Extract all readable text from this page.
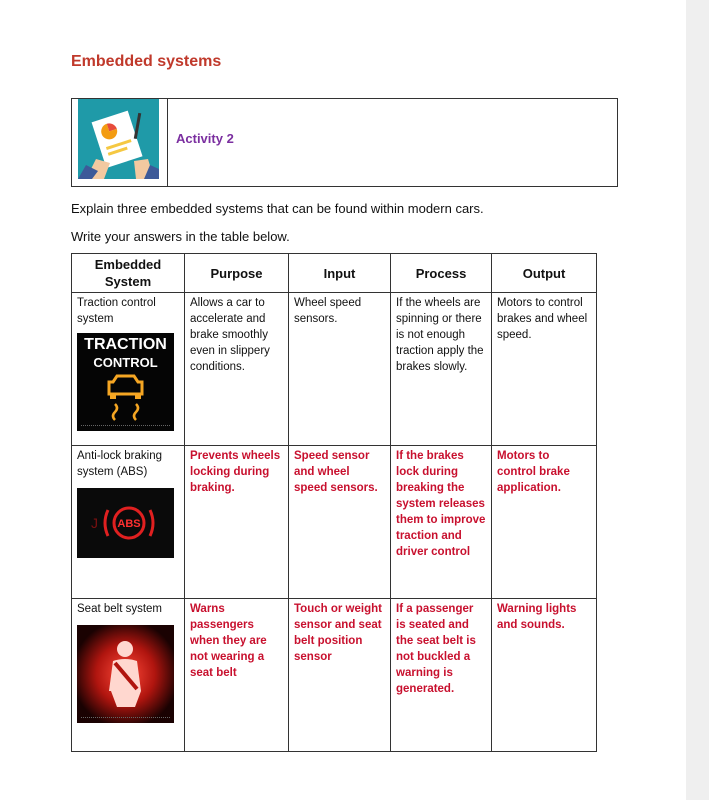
Embedded systems
Activity 2
Explain three embedded systems that can be found within modern cars.
Write your answers in the table below.
Embedded System	Purpose	Input	Process	Output

Traction control system
TRACTION
CONTROL	Allows a car to accelerate and brake smoothly even in slippery conditions.	Wheel speed sensors.	If the wheels are spinning or there is not enough traction apply the brakes slowly.	Motors to control brakes and wheel speed.

Anti-lock braking system (ABS)
ABS
J	Prevents wheels locking during braking.	Speed sensor and wheel speed sensors.	If the brakes lock during breaking the system releases them to improve traction and driver control	Motors to control brake application.

Seat belt system	Warns passengers when they are not wearing a seat belt	Touch or weight sensor and seat belt position sensor	If a passenger is seated and the seat belt is not buckled a warning is generated.	Warning lights and sounds.
